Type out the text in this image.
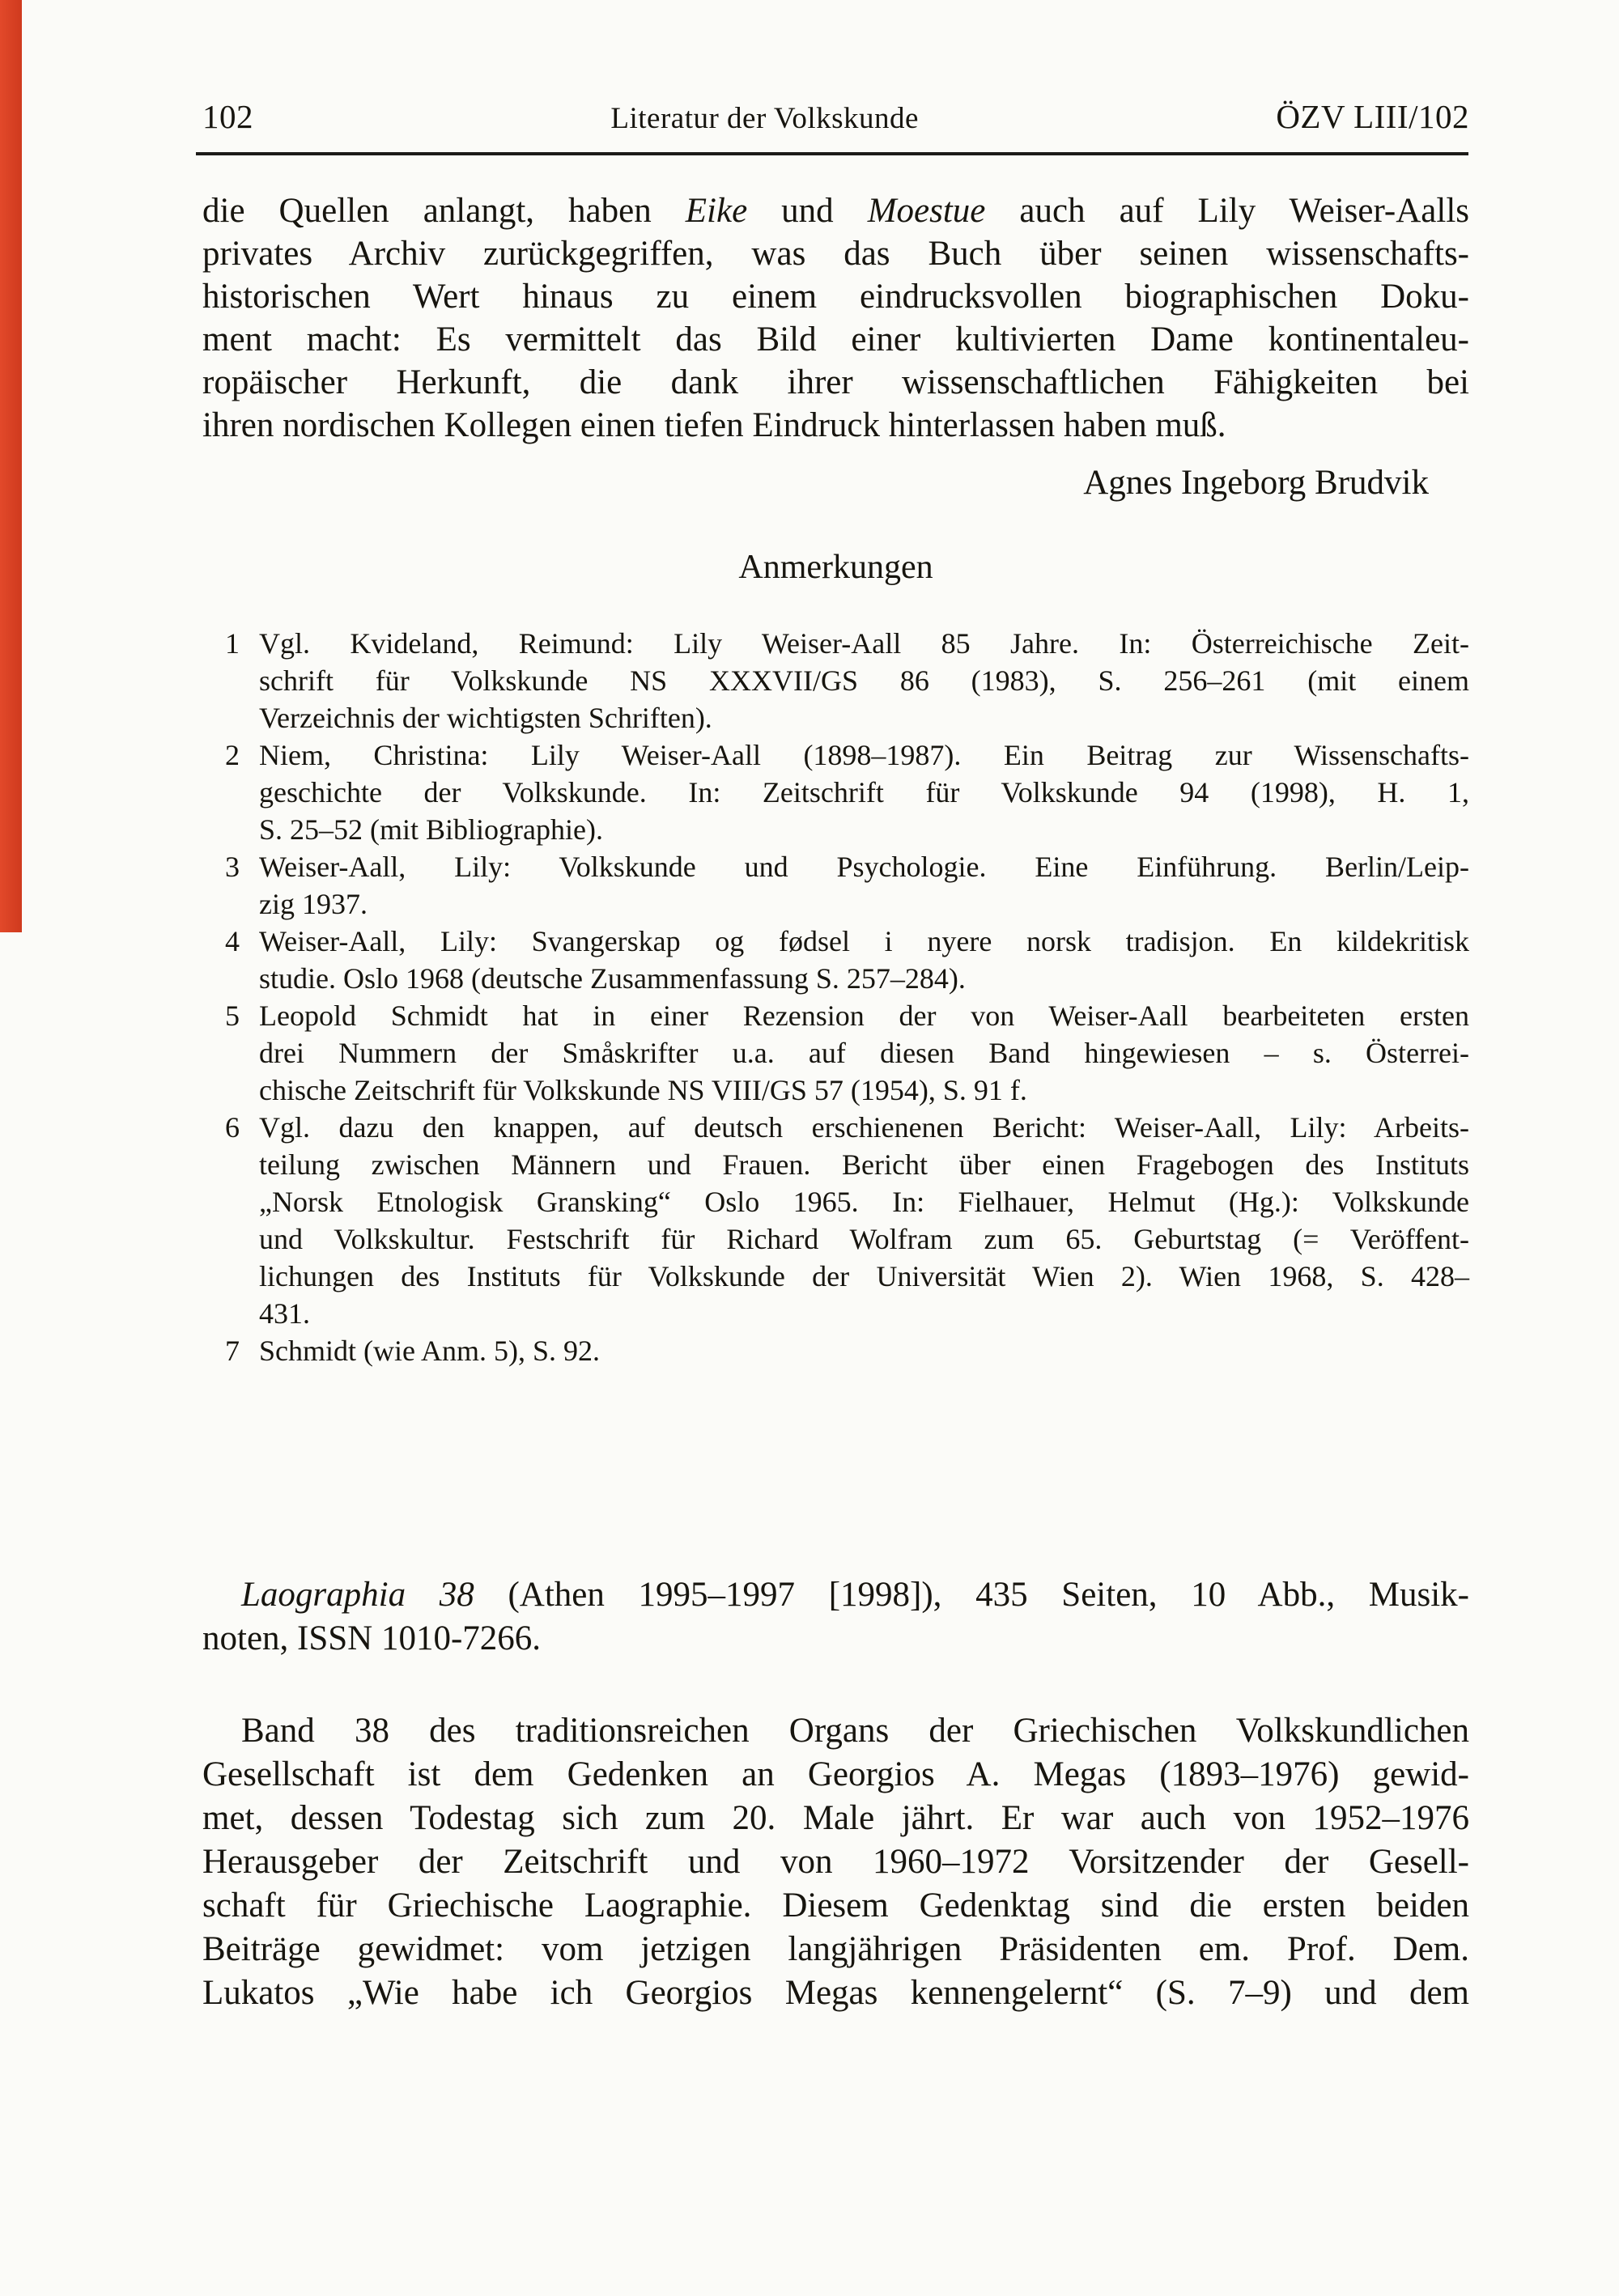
102	Literatur der Volkskunde	ÖZV LIII/102
die Quellen anlangt, haben Eike und Moestue auch auf Lily Weiser-Aalls
privates Archiv zurückgegriffen, was das Buch über seinen wissenschafts-
historischen Wert hinaus zu einem eindrucksvollen biographischen Doku-
ment macht: Es vermittelt das Bild einer kultivierten Dame kontinentaleu-
ropäischer Herkunft, die dank ihrer wissenschaftlichen Fähigkeiten bei
ihren nordischen Kollegen einen tiefen Eindruck hinterlassen haben muß.
Agnes Ingeborg Brudvik
Anmerkungen
1 Vgl. Kvideland, Reimund: Lily Weiser-Aall 85 Jahre. In: Österreichische Zeit-
schrift für Volkskunde NS XXXVII/GS 86 (1983), S. 256–261 (mit einem
Verzeichnis der wichtigsten Schriften).
2 Niem, Christina: Lily Weiser-Aall (1898–1987). Ein Beitrag zur Wissenschafts-
geschichte der Volkskunde. In: Zeitschrift für Volkskunde 94 (1998), H. 1,
S. 25–52 (mit Bibliographie).
3 Weiser-Aall, Lily: Volkskunde und Psychologie. Eine Einführung. Berlin/Leip-
zig 1937.
4 Weiser-Aall, Lily: Svangerskap og fødsel i nyere norsk tradisjon. En kildekritisk
studie. Oslo 1968 (deutsche Zusammenfassung S. 257–284).
5 Leopold Schmidt hat in einer Rezension der von Weiser-Aall bearbeiteten ersten
drei Nummern der Småskrifter u.a. auf diesen Band hingewiesen – s. Österrei-
chische Zeitschrift für Volkskunde NS VIII/GS 57 (1954), S. 91 f.
6 Vgl. dazu den knappen, auf deutsch erschienenen Bericht: Weiser-Aall, Lily: Arbeits-
teilung zwischen Männern und Frauen. Bericht über einen Fragebogen des Instituts
„Norsk Etnologisk Gransking“ Oslo 1965. In: Fielhauer, Helmut (Hg.): Volkskunde
und Volkskultur. Festschrift für Richard Wolfram zum 65. Geburtstag (= Veröffent-
lichungen des Instituts für Volkskunde der Universität Wien 2). Wien 1968, S. 428–
431.
7 Schmidt (wie Anm. 5), S. 92.
Laographia 38 (Athen 1995–1997 [1998]), 435 Seiten, 10 Abb., Musik-
noten, ISSN 1010-7266.
Band 38 des traditionsreichen Organs der Griechischen Volkskundlichen
Gesellschaft ist dem Gedenken an Georgios A. Megas (1893–1976) gewid-
met, dessen Todestag sich zum 20. Male jährt. Er war auch von 1952–1976
Herausgeber der Zeitschrift und von 1960–1972 Vorsitzender der Gesell-
schaft für Griechische Laographie. Diesem Gedenktag sind die ersten beiden
Beiträge gewidmet: vom jetzigen langjährigen Präsidenten em. Prof. Dem.
Lukatos „Wie habe ich Georgios Megas kennengelernt“ (S. 7–9) und dem
